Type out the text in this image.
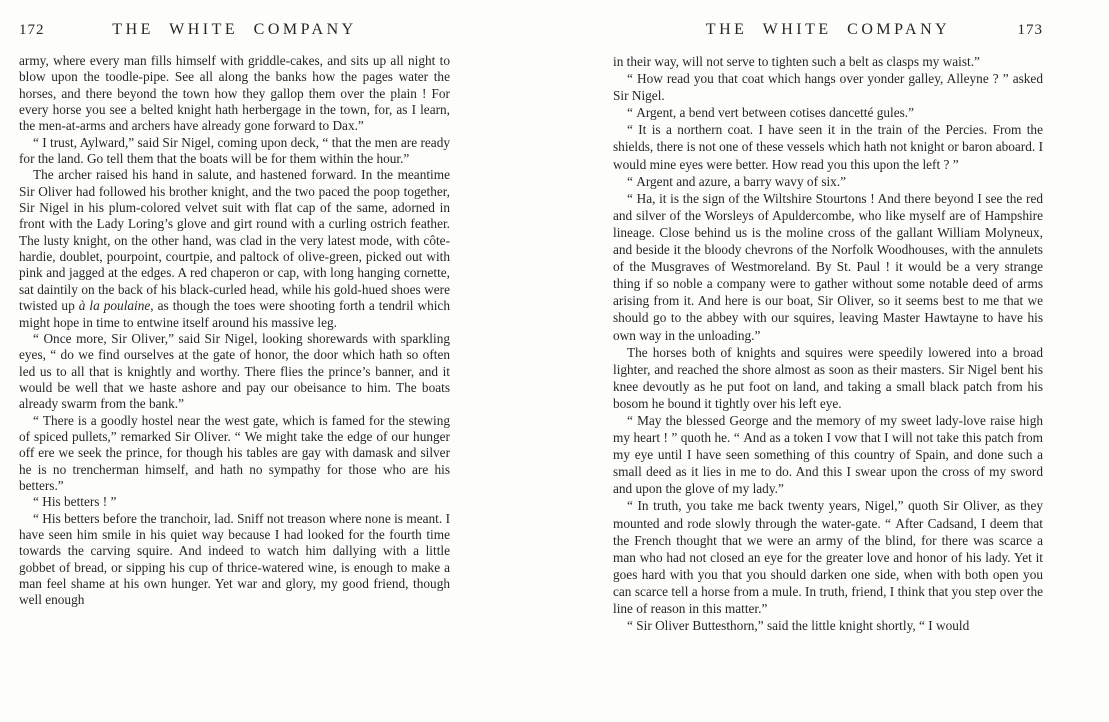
172	THE WHITE COMPANY

army, where every man fills himself with griddle-cakes, and sits up all night to blow upon the toodle-pipe. See all along the banks how the pages water the horses, and there beyond the town how they gallop them over the plain ! For every horse you see a belted knight hath herbergage in the town, for, as I learn, the men-at-arms and archers have already gone forward to Dax.”

“ I trust, Aylward,” said Sir Nigel, coming upon deck, “ that the men are ready for the land. Go tell them that the boats will be for them within the hour.”

The archer raised his hand in salute, and hastened forward. In the meantime Sir Oliver had followed his brother knight, and the two paced the poop together, Sir Nigel in his plum-colored velvet suit with flat cap of the same, adorned in front with the Lady Loring’s glove and girt round with a curling ostrich feather. The lusty knight, on the other hand, was clad in the very latest mode, with côte-hardie, doublet, pourpoint, courtpie, and paltock of olive-green, picked out with pink and jagged at the edges. A red chaperon or cap, with long hanging cornette, sat daintily on the back of his black-curled head, while his gold-hued shoes were twisted up à la poulaine, as though the toes were shooting forth a tendril which might hope in time to entwine itself around his massive leg.

“ Once more, Sir Oliver,” said Sir Nigel, looking shorewards with sparkling eyes, “ do we find ourselves at the gate of honor, the door which hath so often led us to all that is knightly and worthy. There flies the prince’s banner, and it would be well that we haste ashore and pay our obeisance to him. The boats already swarm from the bank.”

“ There is a goodly hostel near the west gate, which is famed for the stewing of spiced pullets,” remarked Sir Oliver. “ We might take the edge of our hunger off ere we seek the prince, for though his tables are gay with damask and silver he is no trencherman himself, and hath no sympathy for those who are his betters.”

“ His betters ! ”

“ His betters before the tranchoir, lad. Sniff not treason where none is meant. I have seen him smile in his quiet way because I had looked for the fourth time towards the carving squire. And indeed to watch him dallying with a little gobbet of bread, or sipping his cup of thrice-watered wine, is enough to make a man feel shame at his own hunger. Yet war and glory, my good friend, though well enough

THE WHITE COMPANY	173

in their way, will not serve to tighten such a belt as clasps my waist.”

“ How read you that coat which hangs over yonder galley, Alleyne ? ” asked Sir Nigel.

“ Argent, a bend vert between cotises dancetté gules.”

“ It is a northern coat. I have seen it in the train of the Percies. From the shields, there is not one of these vessels which hath not knight or baron aboard. I would mine eyes were better. How read you this upon the left ? ”

“ Argent and azure, a barry wavy of six.”

“ Ha, it is the sign of the Wiltshire Stourtons ! And there beyond I see the red and silver of the Worsleys of Apuldercombe, who like myself are of Hampshire lineage. Close behind us is the moline cross of the gallant William Molyneux, and beside it the bloody chevrons of the Norfolk Woodhouses, with the annulets of the Musgraves of Westmoreland. By St. Paul ! it would be a very strange thing if so noble a company were to gather without some notable deed of arms arising from it. And here is our boat, Sir Oliver, so it seems best to me that we should go to the abbey with our squires, leaving Master Hawtayne to have his own way in the unloading.”

The horses both of knights and squires were speedily lowered into a broad lighter, and reached the shore almost as soon as their masters. Sir Nigel bent his knee devoutly as he put foot on land, and taking a small black patch from his bosom he bound it tightly over his left eye.

“ May the blessed George and the memory of my sweet lady-love raise high my heart ! ” quoth he. “ And as a token I vow that I will not take this patch from my eye until I have seen something of this country of Spain, and done such a small deed as it lies in me to do. And this I swear upon the cross of my sword and upon the glove of my lady.”

“ In truth, you take me back twenty years, Nigel,” quoth Sir Oliver, as they mounted and rode slowly through the water-gate. “ After Cadsand, I deem that the French thought that we were an army of the blind, for there was scarce a man who had not closed an eye for the greater love and honor of his lady. Yet it goes hard with you that you should darken one side, when with both open you can scarce tell a horse from a mule. In truth, friend, I think that you step over the line of reason in this matter.”

“ Sir Oliver Buttesthorn,” said the little knight shortly, “ I would
